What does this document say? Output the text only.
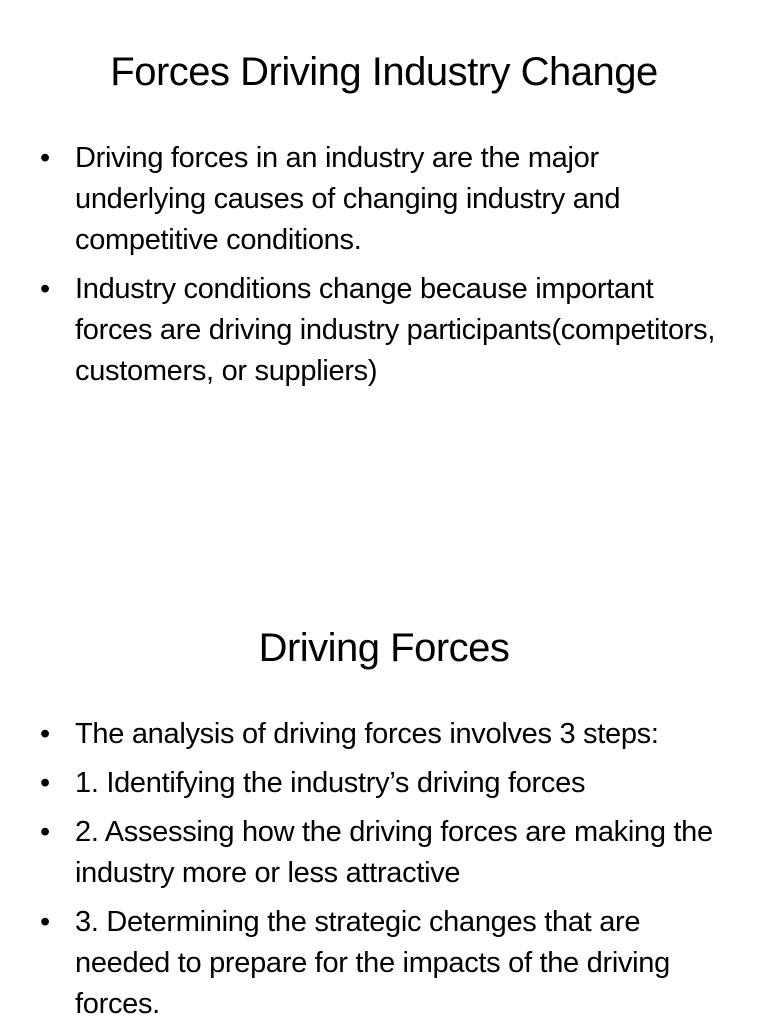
Forces Driving Industry Change
• Driving forces in an industry are the major underlying causes of changing industry and competitive conditions.
• Industry conditions change because important forces are driving industry participants(competitors, customers, or suppliers)
Driving Forces
• The analysis of driving forces involves 3 steps:
• 1. Identifying the industry’s driving forces
• 2. Assessing how the driving forces are making the industry more or less attractive
• 3. Determining the strategic changes that are needed to prepare for the impacts of the driving forces.
